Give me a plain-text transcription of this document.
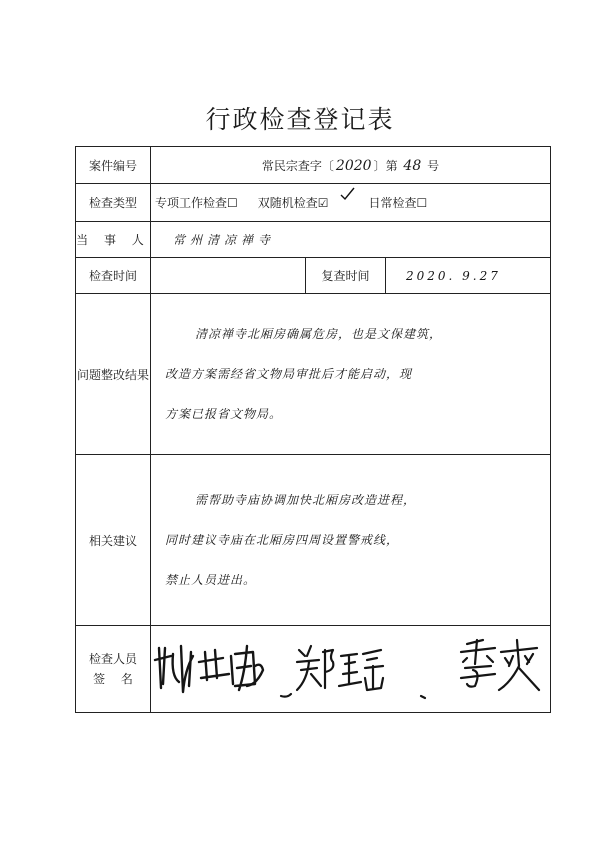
行政检查登记表
案件编号	常民宗查字〔 2020 〕第 48 号		
检查类型	专项工作检查☐ 双随机检查☑ 日常检查☐		
当 事 人	常州清凉禅寺		
检查时间		复查时间	2020. 9.27
问题整改结果	清凉禅寺北厢房确属危房，也是文保建筑，

改造方案需经省文物局审批后才能启动，现

方案已报省文物局。		

相关建议	需帮助寺庙协调加快北厢房改造进程，

同时建议寺庙在北厢房四周设置警戒线，

禁止人员进出。		

检查人员
签　 名
